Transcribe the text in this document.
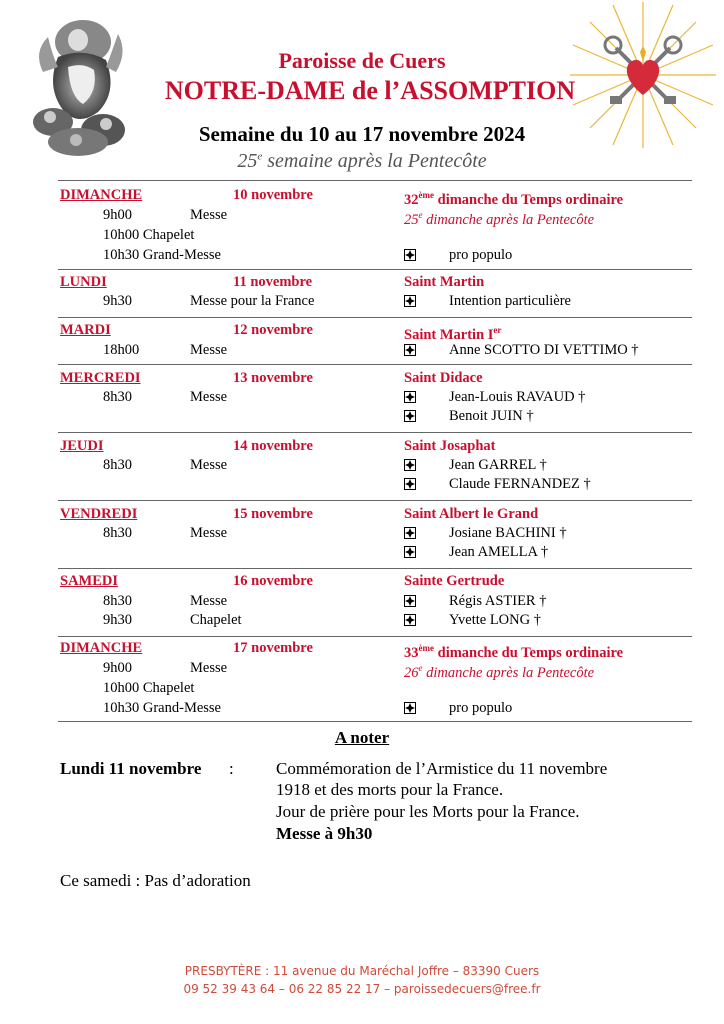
Paroisse de Cuers
NOTRE-DAME de l’ASSOMPTION
Semaine du 10 au 17 novembre 2024
25e semaine après la Pentecôte
DIMANCHE	10 novembre	32ème dimanche du Temps ordinaire
9h00	Messe	25e dimanche après la Pentecôte
10h00 Chapelet
10h30 Grand-Messe	pro populo
LUNDI	11 novembre	Saint Martin
9h30	Messe pour la France	Intention particulière
MARDI	12 novembre	Saint Martin Ier
18h00	Messe	Anne SCOTTO DI VETTIMO †
MERCREDI	13 novembre	Saint Didace
8h30	Messe	Jean-Louis RAVAUD †
Benoit JUIN †
JEUDI	14 novembre	Saint Josaphat
8h30	Messe	Jean GARREL †
Claude FERNANDEZ †
VENDREDI	15 novembre	Saint Albert le Grand
8h30	Messe	Josiane BACHINI †
Jean AMELLA †
SAMEDI	16 novembre	Sainte Gertrude
8h30	Messe	Régis ASTIER †
9h30	Chapelet	Yvette LONG †
DIMANCHE	17 novembre	33ème dimanche du Temps ordinaire
9h00	Messe	26e dimanche après la Pentecôte
10h00 Chapelet
10h30 Grand-Messe	pro populo
A noter
Lundi 11 novembre : Commémoration de l’Armistice du 11 novembre
1918 et des morts pour la France.
Jour de prière pour les Morts pour la France.
Messe à 9h30
Ce samedi : Pas d’adoration
PRESBYTÈRE : 11 avenue du Maréchal Joffre – 83390 Cuers
09 52 39 43 64 – 06 22 85 22 17 – paroissedecuers@free.fr
